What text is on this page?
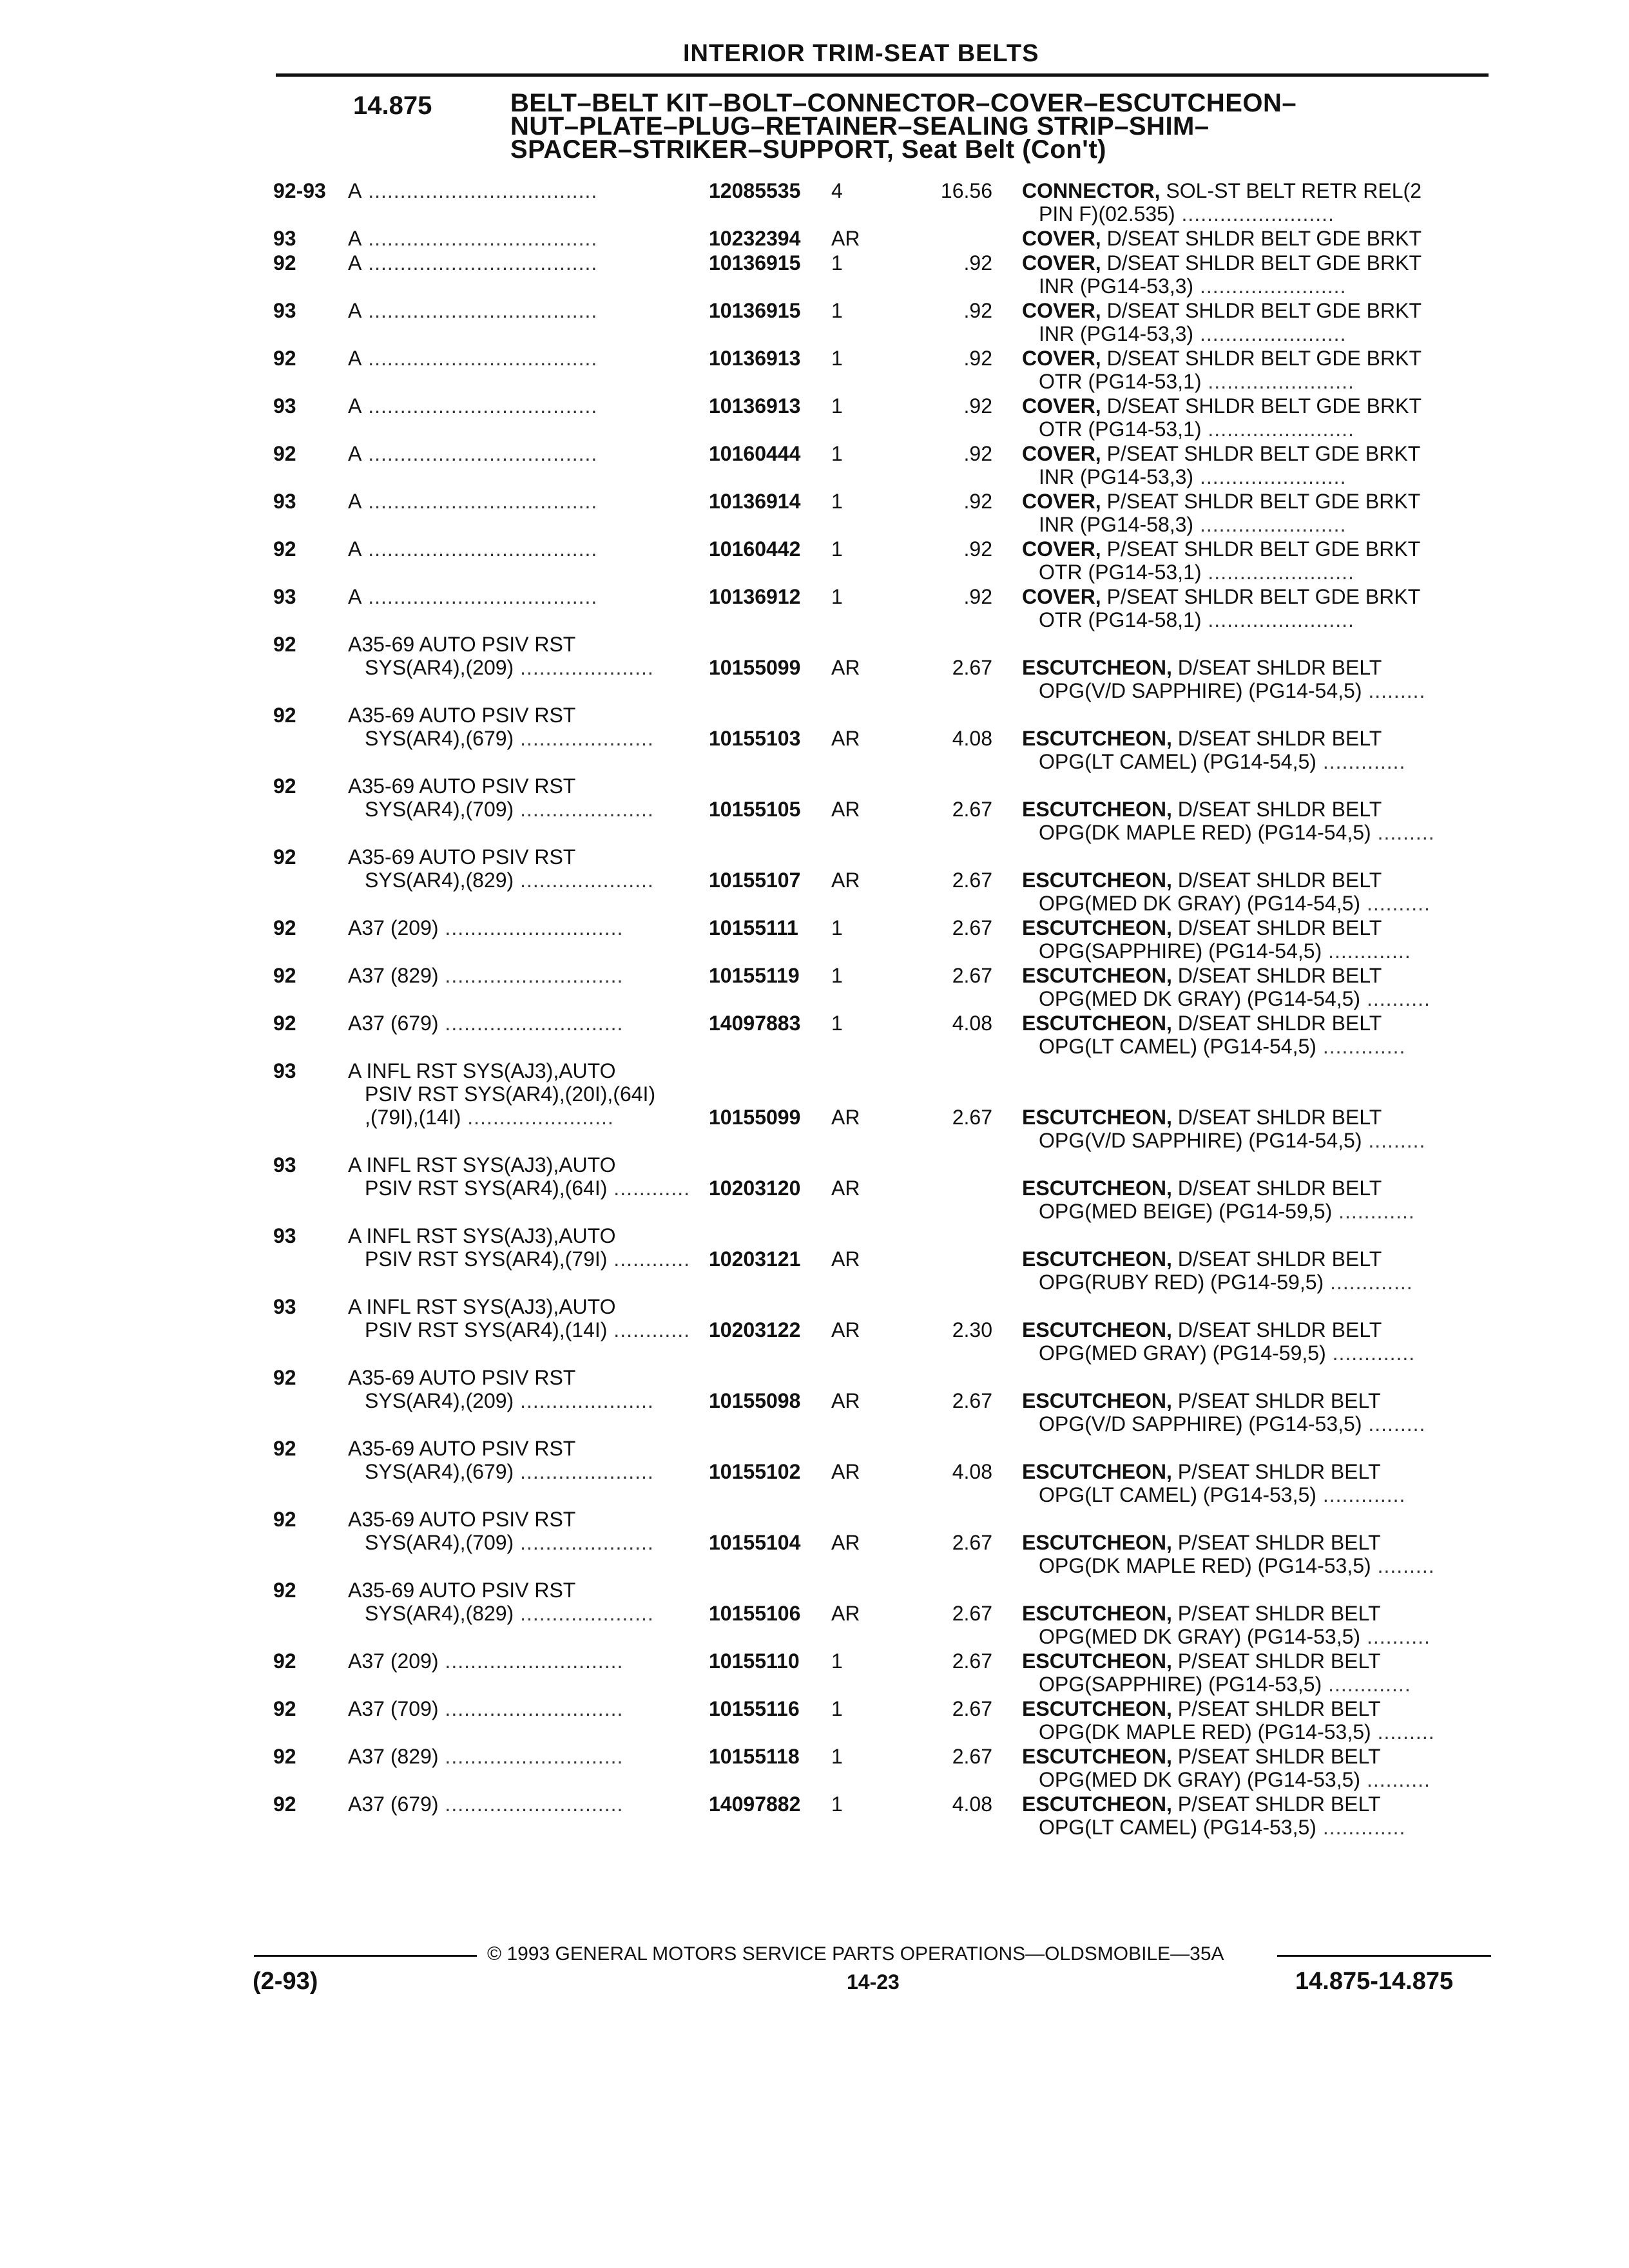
INTERIOR TRIM-SEAT BELTS
14.875	BELT–BELT KIT–BOLT–CONNECTOR–COVER–ESCUTCHEON–
NUT–PLATE–PLUG–RETAINER–SEALING STRIP–SHIM–
SPACER–STRIKER–SUPPORT, Seat Belt (Con't)
92-93 A ....................................	12085535 4	16.56 CONNECTOR, SOL-ST BELT RETR REL(2
PIN F)(02.535) ........................
93	A ....................................	10232394 AR	COVER, D/SEAT SHLDR BELT GDE BRKT
92	A ....................................	10136915 1	.92 COVER, D/SEAT SHLDR BELT GDE BRKT
INR (PG14-53,3) .......................
93	A ....................................	10136915 1	.92 COVER, D/SEAT SHLDR BELT GDE BRKT
INR (PG14-53,3) .......................
92	A ....................................	10136913 1	.92 COVER, D/SEAT SHLDR BELT GDE BRKT
OTR (PG14-53,1) .......................
93	A ....................................	10136913 1	.92 COVER, D/SEAT SHLDR BELT GDE BRKT
OTR (PG14-53,1) .......................
92	A ....................................	10160444 1	.92 COVER, P/SEAT SHLDR BELT GDE BRKT
INR (PG14-53,3) .......................
93	A ....................................	10136914 1	.92 COVER, P/SEAT SHLDR BELT GDE BRKT
INR (PG14-58,3) .......................
92	A ....................................	10160442 1	.92 COVER, P/SEAT SHLDR BELT GDE BRKT
OTR (PG14-53,1) .......................
93	A ....................................	10136912 1	.92 COVER, P/SEAT SHLDR BELT GDE BRKT
OTR (PG14-58,1) .......................
92	A35-69 AUTO PSIV RST
SYS(AR4),(209) .....................	10155099 AR	2.67 ESCUTCHEON, D/SEAT SHLDR BELT
OPG(V/D SAPPHIRE) (PG14-54,5) .........
92	A35-69 AUTO PSIV RST
SYS(AR4),(679) .....................	10155103 AR	4.08 ESCUTCHEON, D/SEAT SHLDR BELT
OPG(LT CAMEL) (PG14-54,5) .............
92	A35-69 AUTO PSIV RST
SYS(AR4),(709) .....................	10155105 AR	2.67 ESCUTCHEON, D/SEAT SHLDR BELT
OPG(DK MAPLE RED) (PG14-54,5) .........
92	A35-69 AUTO PSIV RST
SYS(AR4),(829) .....................	10155107 AR	2.67 ESCUTCHEON, D/SEAT SHLDR BELT
OPG(MED DK GRAY) (PG14-54,5) ..........
92	A37 (209) ............................	10155111 1	2.67 ESCUTCHEON, D/SEAT SHLDR BELT
OPG(SAPPHIRE) (PG14-54,5) .............
92	A37 (829) ............................	10155119 1	2.67 ESCUTCHEON, D/SEAT SHLDR BELT
OPG(MED DK GRAY) (PG14-54,5) ..........
92	A37 (679) ............................	14097883 1	4.08 ESCUTCHEON, D/SEAT SHLDR BELT
OPG(LT CAMEL) (PG14-54,5) .............
93	A INFL RST SYS(AJ3),AUTO
PSIV RST SYS(AR4),(20I),(64I)
,(79I),(14I) .......................	10155099 AR	2.67 ESCUTCHEON, D/SEAT SHLDR BELT
OPG(V/D SAPPHIRE) (PG14-54,5) .........
93	A INFL RST SYS(AJ3),AUTO
PSIV RST SYS(AR4),(64I) ............ 10203120 AR	ESCUTCHEON, D/SEAT SHLDR BELT
OPG(MED BEIGE) (PG14-59,5) ............
93	A INFL RST SYS(AJ3),AUTO
PSIV RST SYS(AR4),(79I) ............ 10203121 AR	ESCUTCHEON, D/SEAT SHLDR BELT
OPG(RUBY RED) (PG14-59,5) .............
93	A INFL RST SYS(AJ3),AUTO
PSIV RST SYS(AR4),(14I) ............ 10203122 AR	2.30 ESCUTCHEON, D/SEAT SHLDR BELT
OPG(MED GRAY) (PG14-59,5) .............
92	A35-69 AUTO PSIV RST
SYS(AR4),(209) .....................	10155098 AR	2.67 ESCUTCHEON, P/SEAT SHLDR BELT
OPG(V/D SAPPHIRE) (PG14-53,5) .........
92	A35-69 AUTO PSIV RST
SYS(AR4),(679) .....................	10155102 AR	4.08 ESCUTCHEON, P/SEAT SHLDR BELT
OPG(LT CAMEL) (PG14-53,5) .............
92	A35-69 AUTO PSIV RST
SYS(AR4),(709) .....................	10155104 AR	2.67 ESCUTCHEON, P/SEAT SHLDR BELT
OPG(DK MAPLE RED) (PG14-53,5) .........
92	A35-69 AUTO PSIV RST
SYS(AR4),(829) .....................	10155106 AR	2.67 ESCUTCHEON, P/SEAT SHLDR BELT
OPG(MED DK GRAY) (PG14-53,5) ..........
92	A37 (209) ............................	10155110 1	2.67 ESCUTCHEON, P/SEAT SHLDR BELT
OPG(SAPPHIRE) (PG14-53,5) .............
92	A37 (709) ............................	10155116 1	2.67 ESCUTCHEON, P/SEAT SHLDR BELT
OPG(DK MAPLE RED) (PG14-53,5) .........
92	A37 (829) ............................	10155118 1	2.67 ESCUTCHEON, P/SEAT SHLDR BELT
OPG(MED DK GRAY) (PG14-53,5) ..........
92	A37 (679) ............................	14097882 1	4.08 ESCUTCHEON, P/SEAT SHLDR BELT
OPG(LT CAMEL) (PG14-53,5) .............
© 1993 GENERAL MOTORS SERVICE PARTS OPERATIONS—OLDSMOBILE—35A
(2-93)	14-23	14.875-14.875
